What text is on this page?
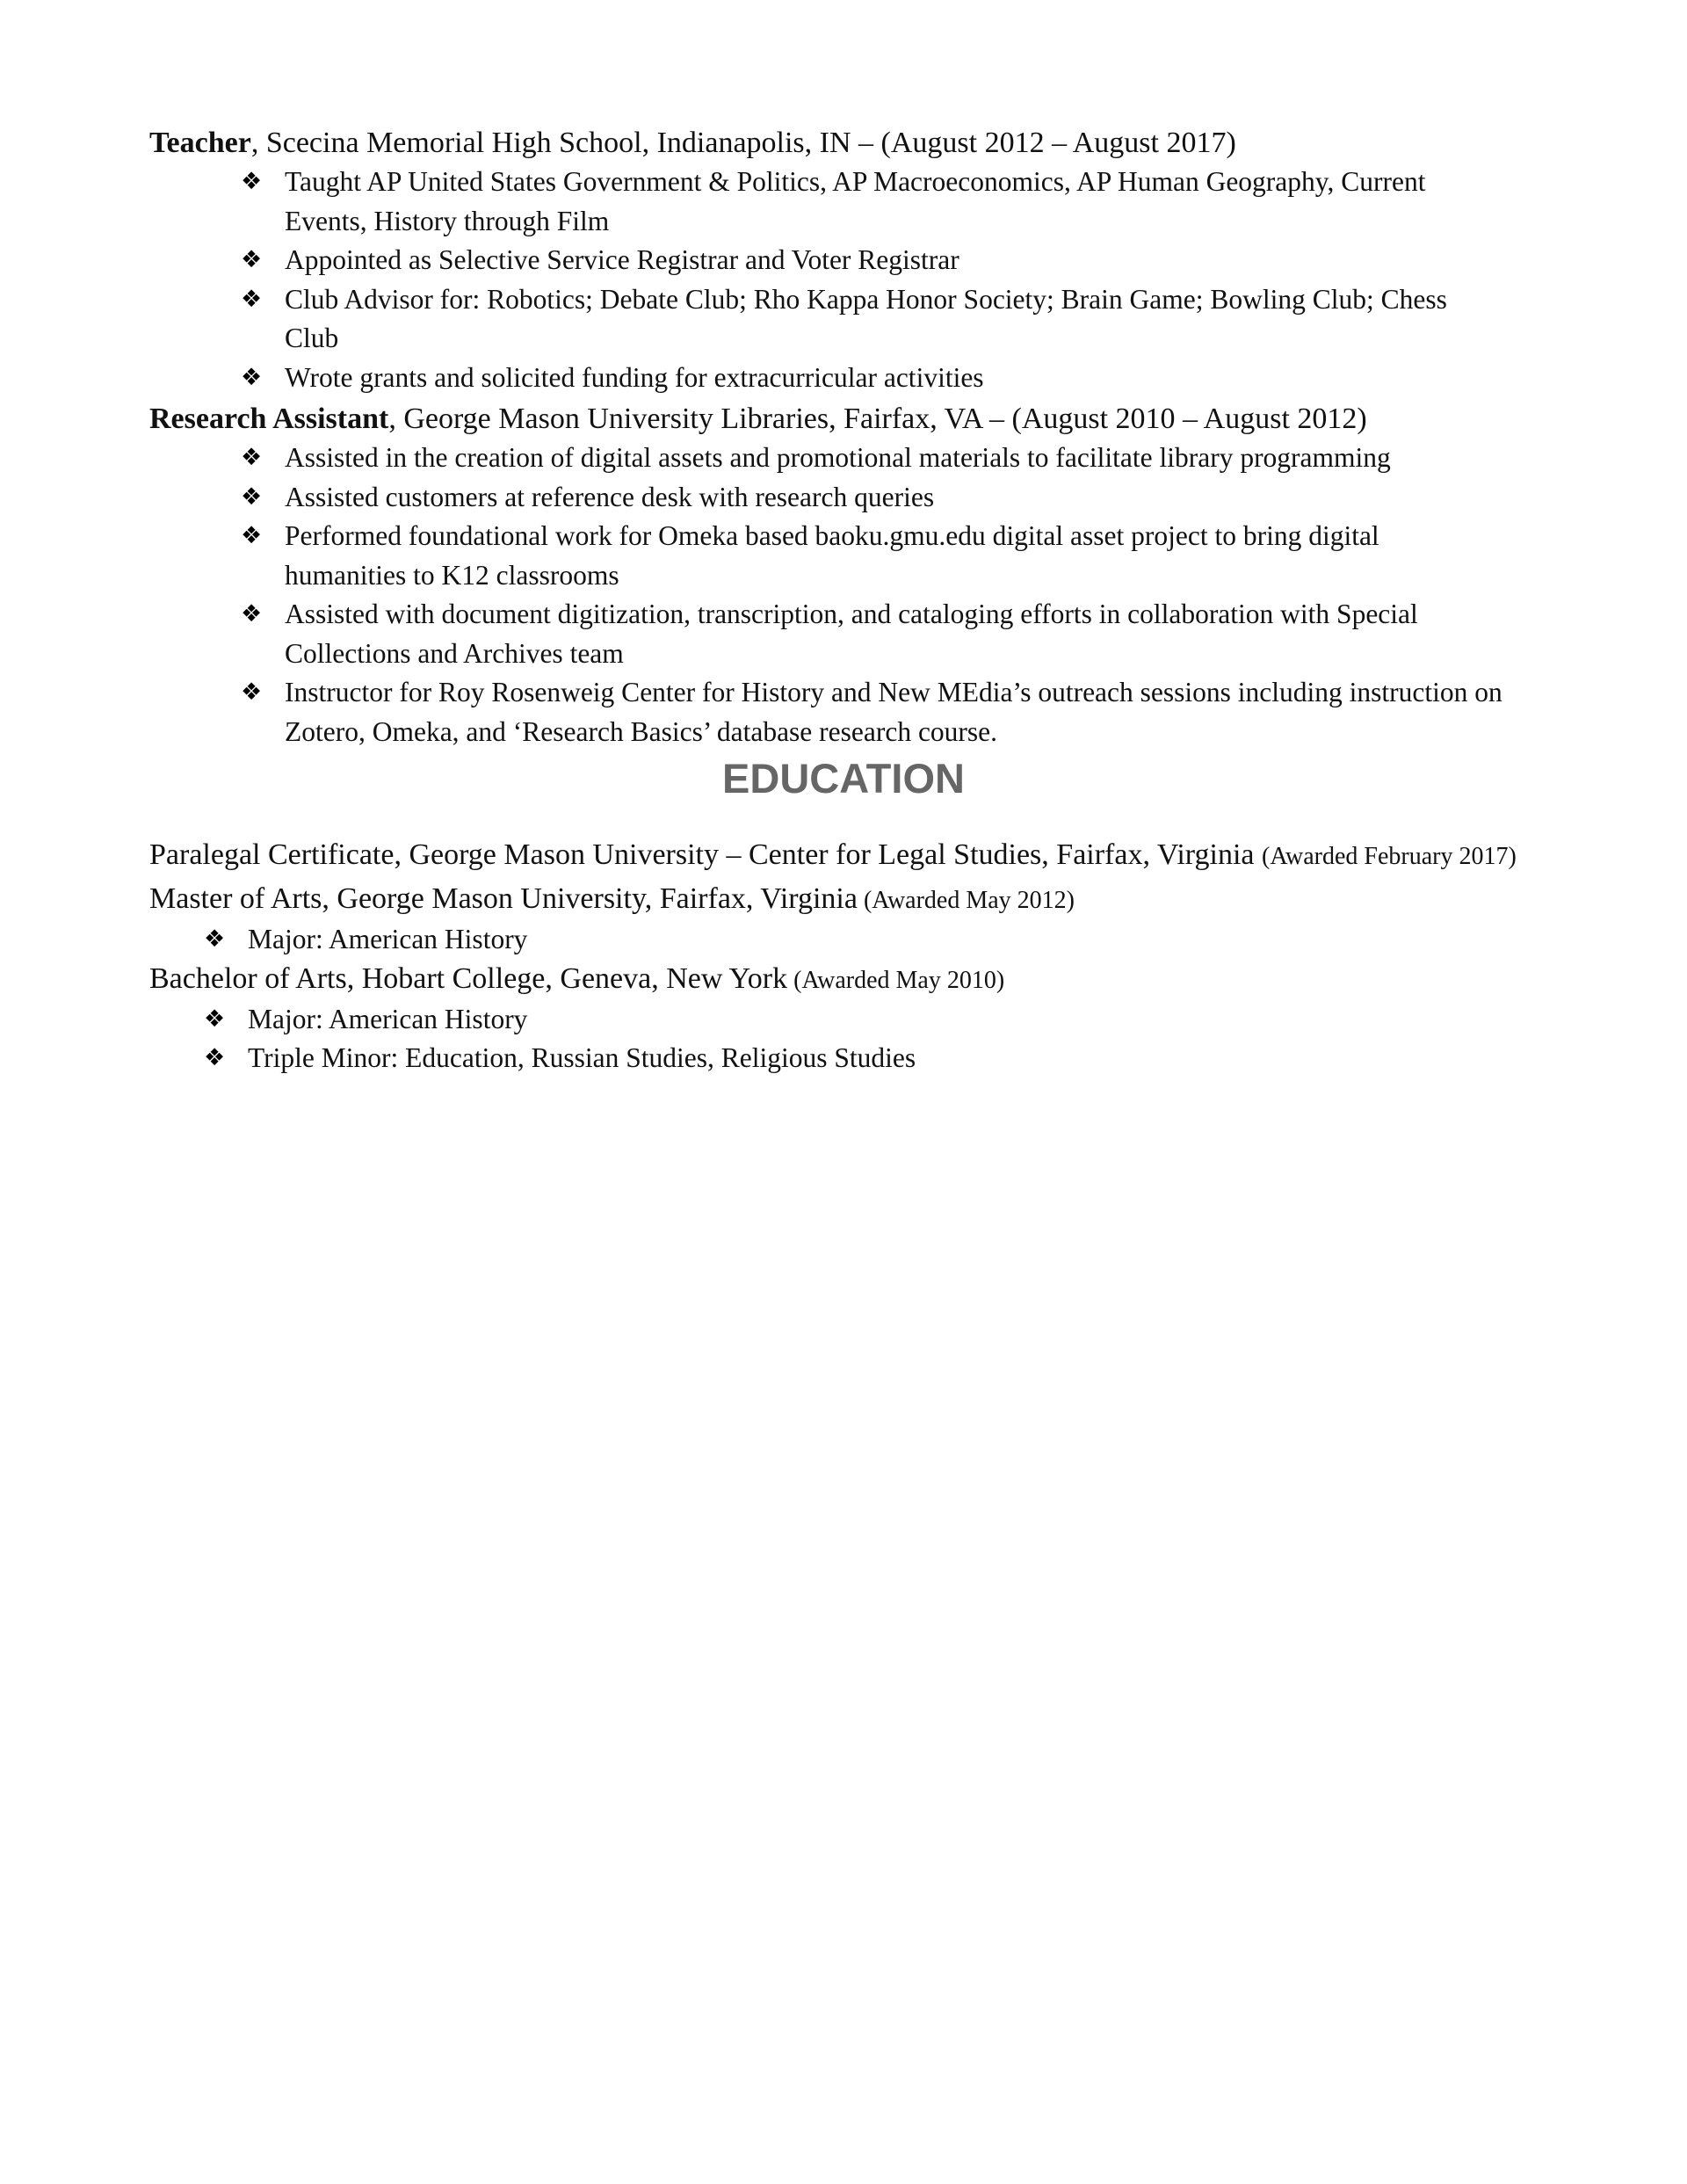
Teacher, Scecina Memorial High School, Indianapolis, IN – (August 2012 – August 2017)
❖ Taught AP United States Government & Politics, AP Macroeconomics, AP Human Geography, Current Events, History through Film
❖ Appointed as Selective Service Registrar and Voter Registrar
❖ Club Advisor for: Robotics; Debate Club; Rho Kappa Honor Society; Brain Game; Bowling Club; Chess Club
❖ Wrote grants and solicited funding for extracurricular activities
Research Assistant, George Mason University Libraries, Fairfax, VA – (August 2010 – August 2012)
❖ Assisted in the creation of digital assets and promotional materials to facilitate library programming
❖ Assisted customers at reference desk with research queries
❖ Performed foundational work for Omeka based baoku.gmu.edu digital asset project to bring digital humanities to K12 classrooms
❖ Assisted with document digitization, transcription, and cataloging efforts in collaboration with Special Collections and Archives team
❖ Instructor for Roy Rosenweig Center for History and New MEdia’s outreach sessions including instruction on Zotero, Omeka, and ‘Research Basics’ database research course.
EDUCATION
Paralegal Certificate, George Mason University – Center for Legal Studies, Fairfax, Virginia (Awarded February 2017)
Master of Arts, George Mason University, Fairfax, Virginia (Awarded May 2012)
❖ Major: American History
Bachelor of Arts, Hobart College, Geneva, New York (Awarded May 2010)
❖ Major: American History
❖ Triple Minor: Education, Russian Studies, Religious Studies
